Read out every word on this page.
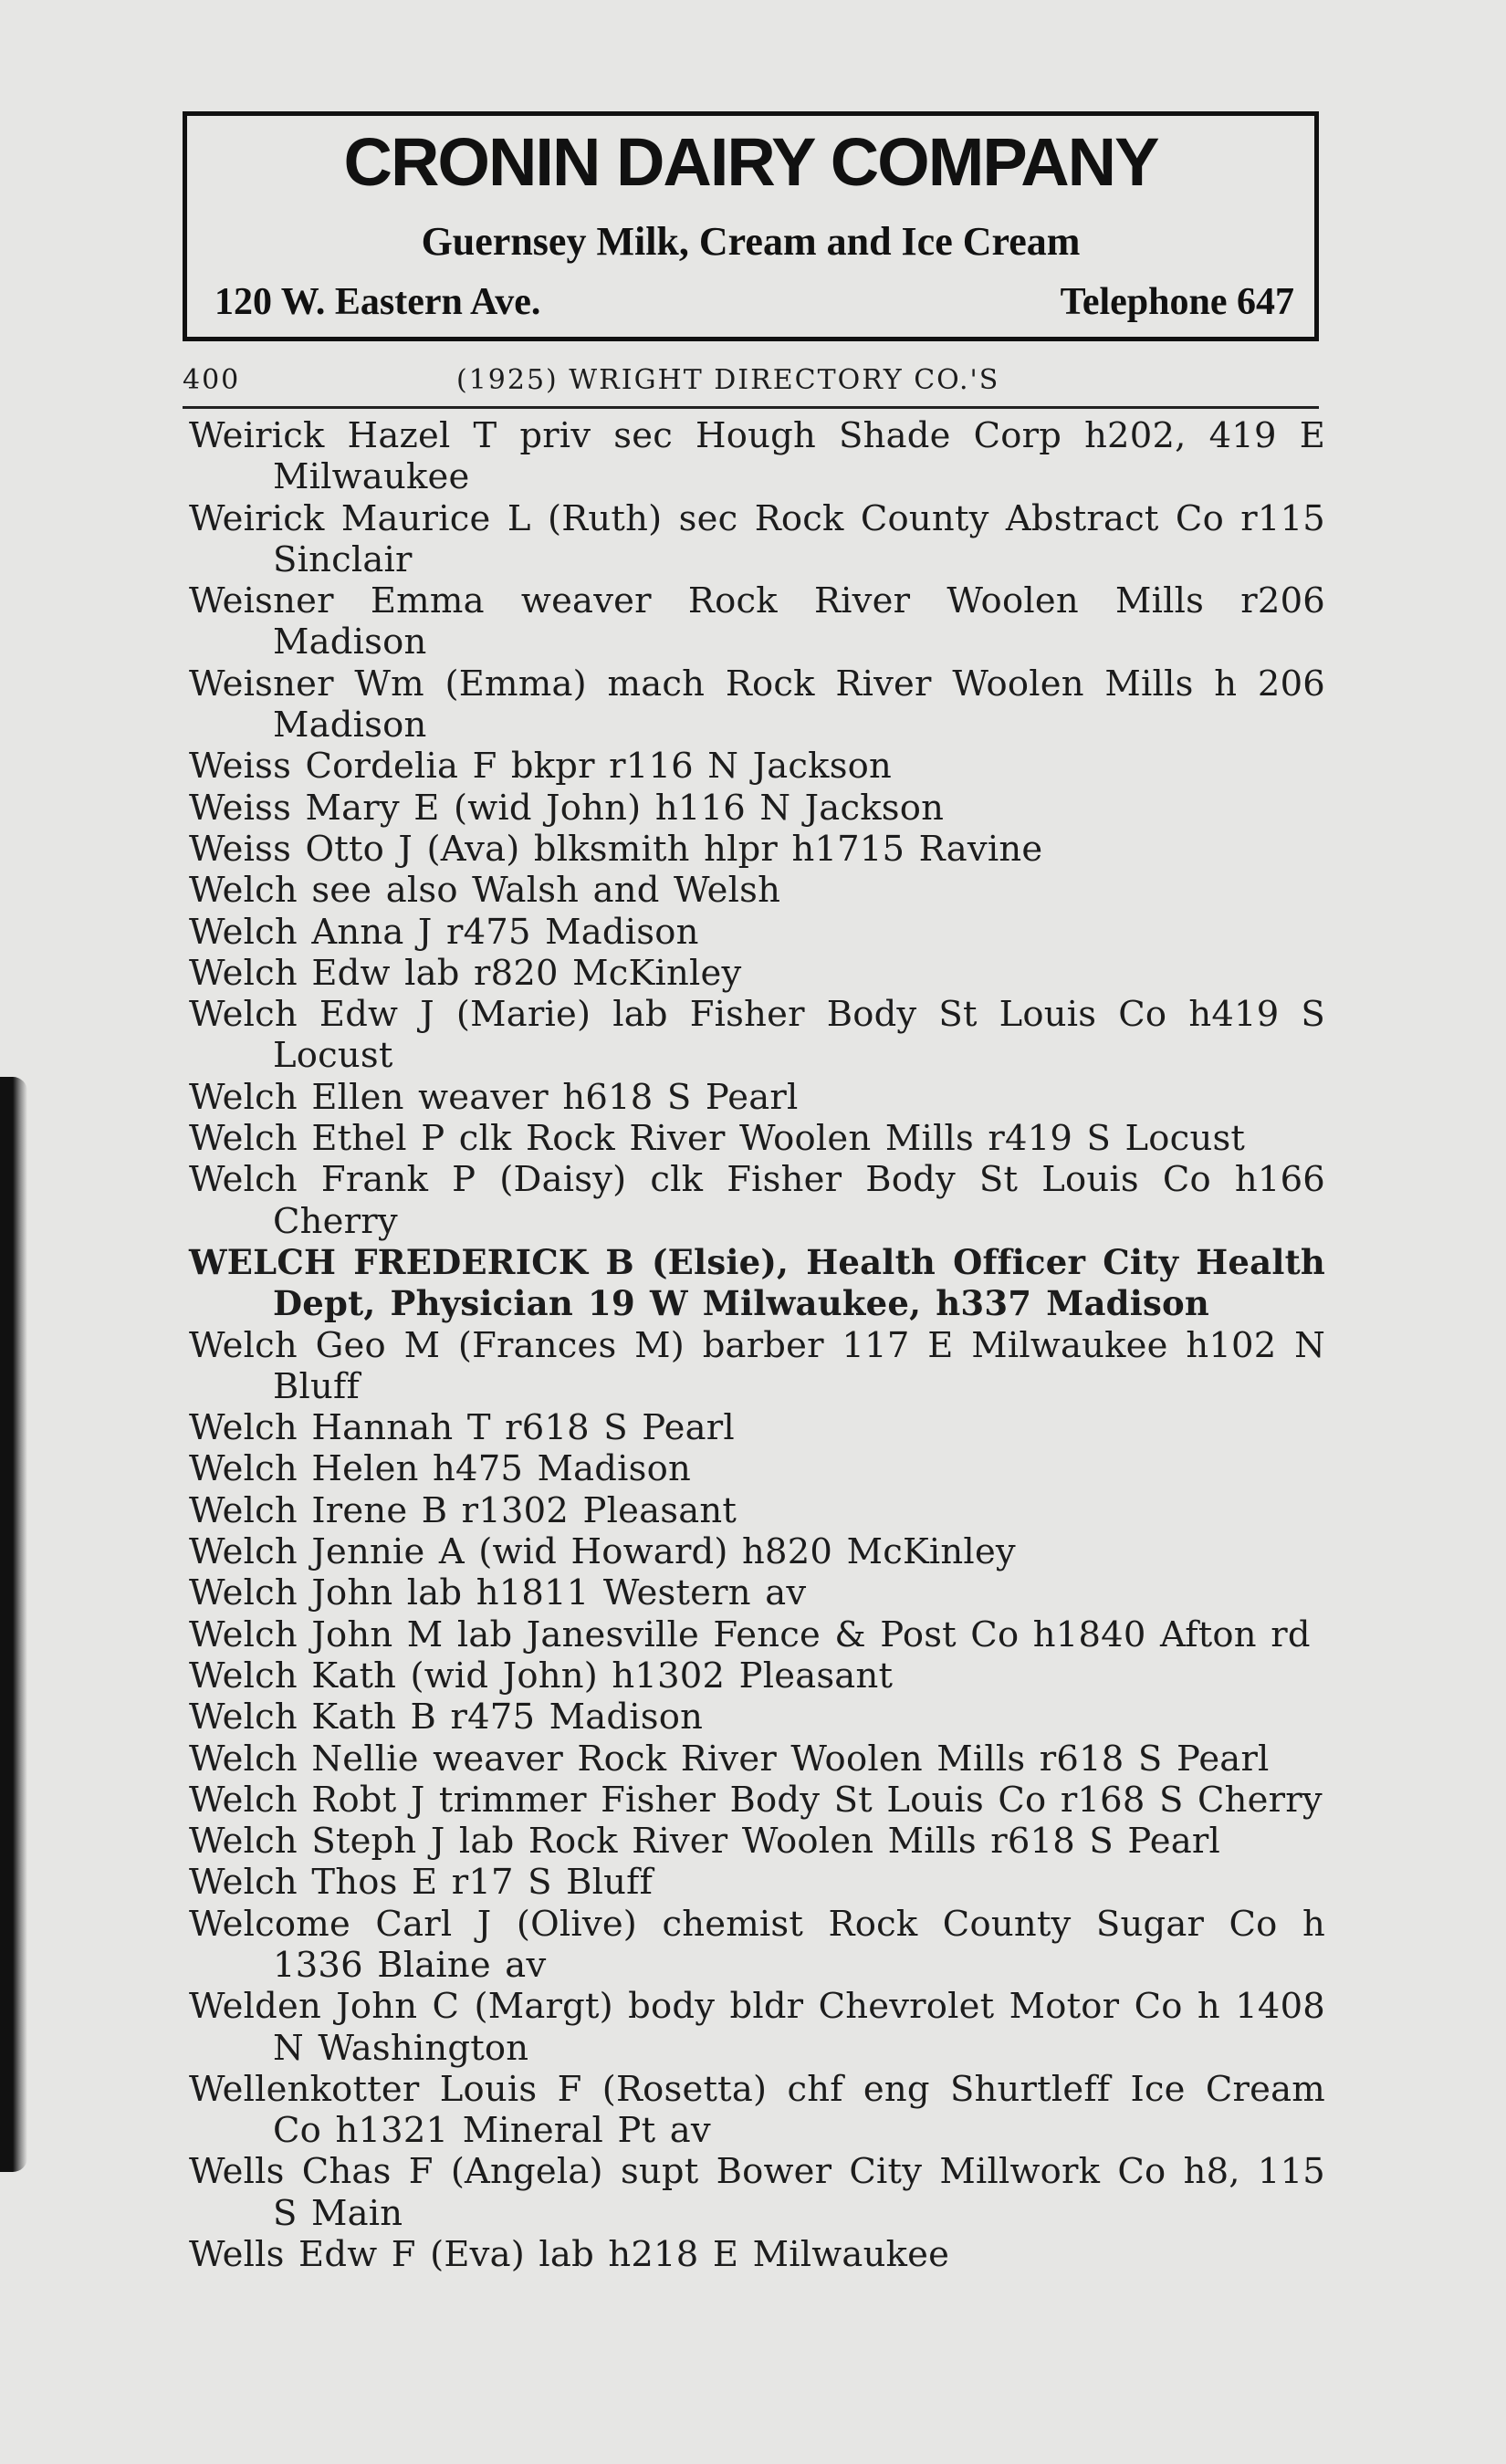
CRONIN DAIRY COMPANY
Guernsey Milk, Cream and Ice Cream
120 W. Eastern Ave.	Telephone 647
400	(1925) WRIGHT DIRECTORY CO.'S
Weirick Hazel T priv sec Hough Shade Corp h202, 419 E Milwaukee
Weirick Maurice L (Ruth) sec Rock County Abstract Co r115 Sinclair
Weisner Emma weaver Rock River Woolen Mills r206 Madison
Weisner Wm (Emma) mach Rock River Woolen Mills h 206 Madison
Weiss Cordelia F bkpr r116 N Jackson
Weiss Mary E (wid John) h116 N Jackson
Weiss Otto J (Ava) blksmith hlpr h1715 Ravine
Welch see also Walsh and Welsh
Welch Anna J r475 Madison
Welch Edw lab r820 McKinley
Welch Edw J (Marie) lab Fisher Body St Louis Co h419 S Locust
Welch Ellen weaver h618 S Pearl
Welch Ethel P clk Rock River Woolen Mills r419 S Locust
Welch Frank P (Daisy) clk Fisher Body St Louis Co h166 Cherry
WELCH FREDERICK B (Elsie), Health Officer City Health Dept, Physician 19 W Milwaukee, h337 Madison
Welch Geo M (Frances M) barber 117 E Milwaukee h102 N Bluff
Welch Hannah T r618 S Pearl
Welch Helen h475 Madison
Welch Irene B r1302 Pleasant
Welch Jennie A (wid Howard) h820 McKinley
Welch John lab h1811 Western av
Welch John M lab Janesville Fence & Post Co h1840 Afton rd
Welch Kath (wid John) h1302 Pleasant
Welch Kath B r475 Madison
Welch Nellie weaver Rock River Woolen Mills r618 S Pearl
Welch Robt J trimmer Fisher Body St Louis Co r168 S Cherry
Welch Steph J lab Rock River Woolen Mills r618 S Pearl
Welch Thos E r17 S Bluff
Welcome Carl J (Olive) chemist Rock County Sugar Co h 1336 Blaine av
Welden John C (Margt) body bldr Chevrolet Motor Co h 1408 N Washington
Wellenkotter Louis F (Rosetta) chf eng Shurtleff Ice Cream Co h1321 Mineral Pt av
Wells Chas F (Angela) supt Bower City Millwork Co h8, 115 S Main
Wells Edw F (Eva) lab h218 E Milwaukee
